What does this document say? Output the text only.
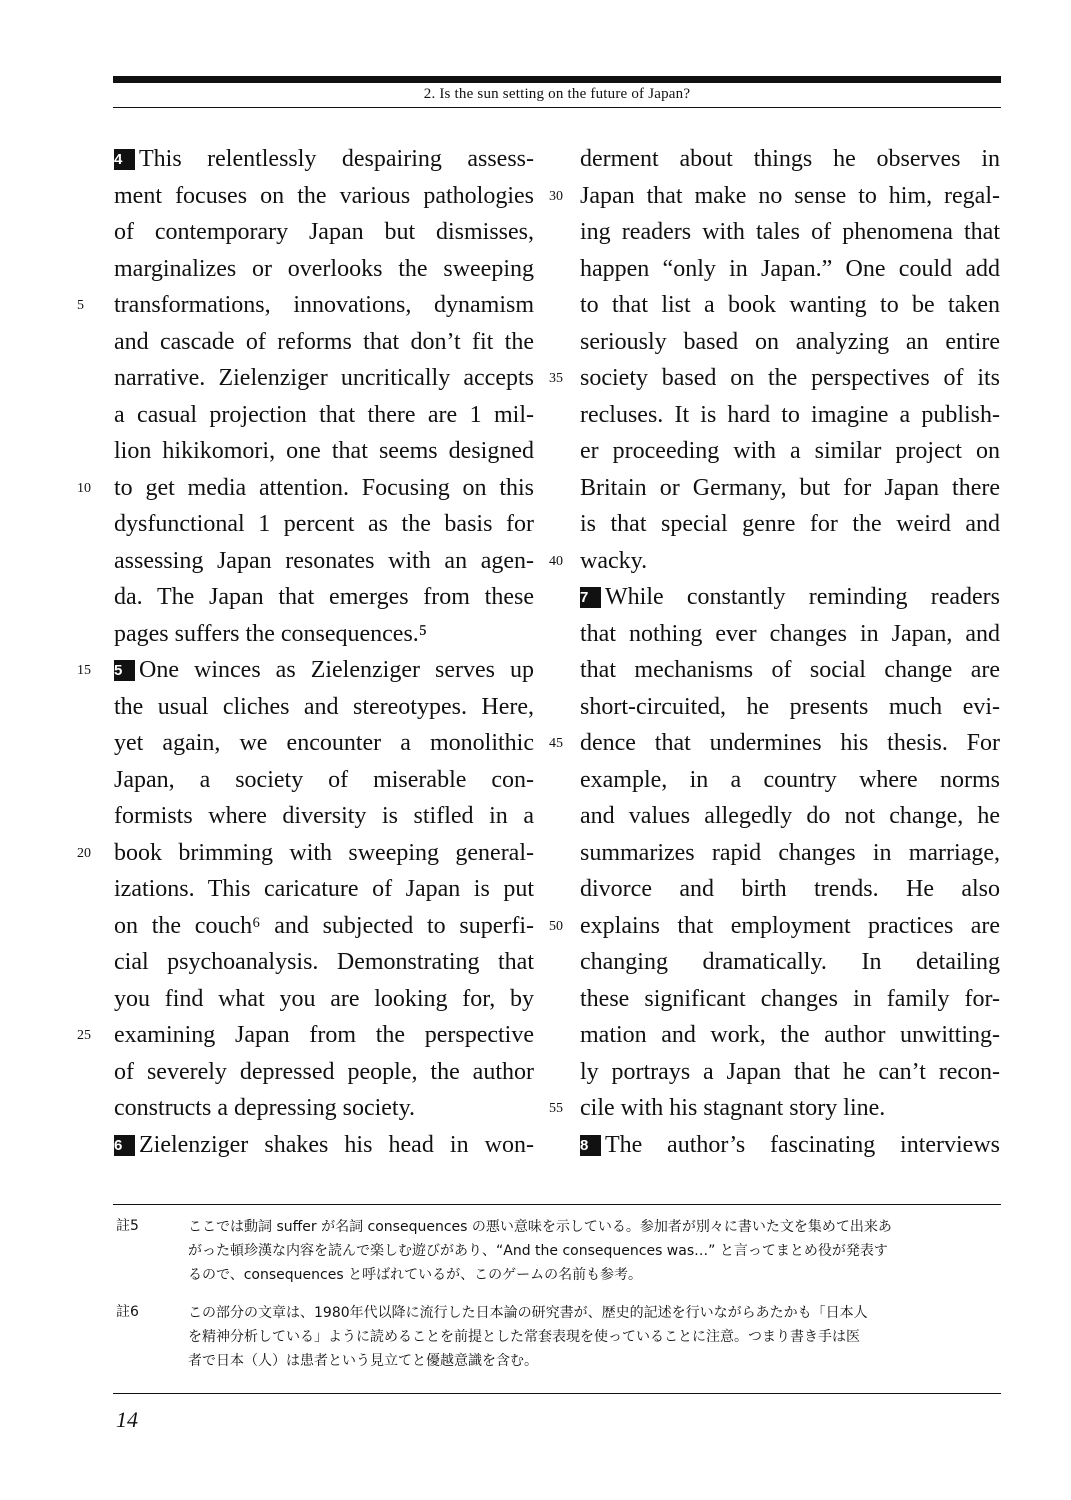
2. Is the sun setting on the future of Japan?
4 This relentlessly despairing assess-
ment focuses on the various pathologies
of contemporary Japan but dismisses,
marginalizes or overlooks the sweeping
transformations, innovations, dynamism
and cascade of reforms that don’t fit the
narrative. Zielenziger uncritically accepts
a casual projection that there are 1 mil-
lion hikikomori, one that seems designed
to get media attention. Focusing on this
dysfunctional 1 percent as the basis for
assessing Japan resonates with an agen-
da. The Japan that emerges from these
pages suffers the consequences.⁵
5 One winces as Zielenziger serves up
the usual cliches and stereotypes. Here,
yet again, we encounter a monolithic
Japan, a society of miserable con-
formists where diversity is stifled in a
book brimming with sweeping general-
izations. This caricature of Japan is put
on the couch⁶ and subjected to superfi-
cial psychoanalysis. Demonstrating that
you find what you are looking for, by
examining Japan from the perspective
of severely depressed people, the author
constructs a depressing society.
6 Zielenziger shakes his head in won-
derment about things he observes in
Japan that make no sense to him, regal-
ing readers with tales of phenomena that
happen “only in Japan.” One could add
to that list a book wanting to be taken
seriously based on analyzing an entire
society based on the perspectives of its
recluses. It is hard to imagine a publish-
er proceeding with a similar project on
Britain or Germany, but for Japan there
is that special genre for the weird and
wacky.
7 While constantly reminding readers
that nothing ever changes in Japan, and
that mechanisms of social change are
short-circuited, he presents much evi-
dence that undermines his thesis. For
example, in a country where norms
and values allegedly do not change, he
summarizes rapid changes in marriage,
divorce and birth trends. He also
explains that employment practices are
changing dramatically. In detailing
these significant changes in family for-
mation and work, the author unwitting-
ly portrays a Japan that he can’t recon-
cile with his stagnant story line.
8 The author’s fascinating interviews
5
10
15
20
25
30
35
40
45
50
55
註5	ここでは動詞 suffer が名詞 consequences の悪い意味を示している。参加者が別々に書いた文を集めて出来あ
がった頓珍漢な内容を読んで楽しむ遊びがあり、“And the consequences was…” と言ってまとめ役が発表す
るので、consequences と呼ばれているが、このゲームの名前も参考。
註6	この部分の文章は、1980年代以降に流行した日本論の研究書が、歴史的記述を行いながらあたかも「日本人
を精神分析している」ように読めることを前提とした常套表現を使っていることに注意。つまり書き手は医
者で日本（人）は患者という見立てと優越意識を含む。
14
